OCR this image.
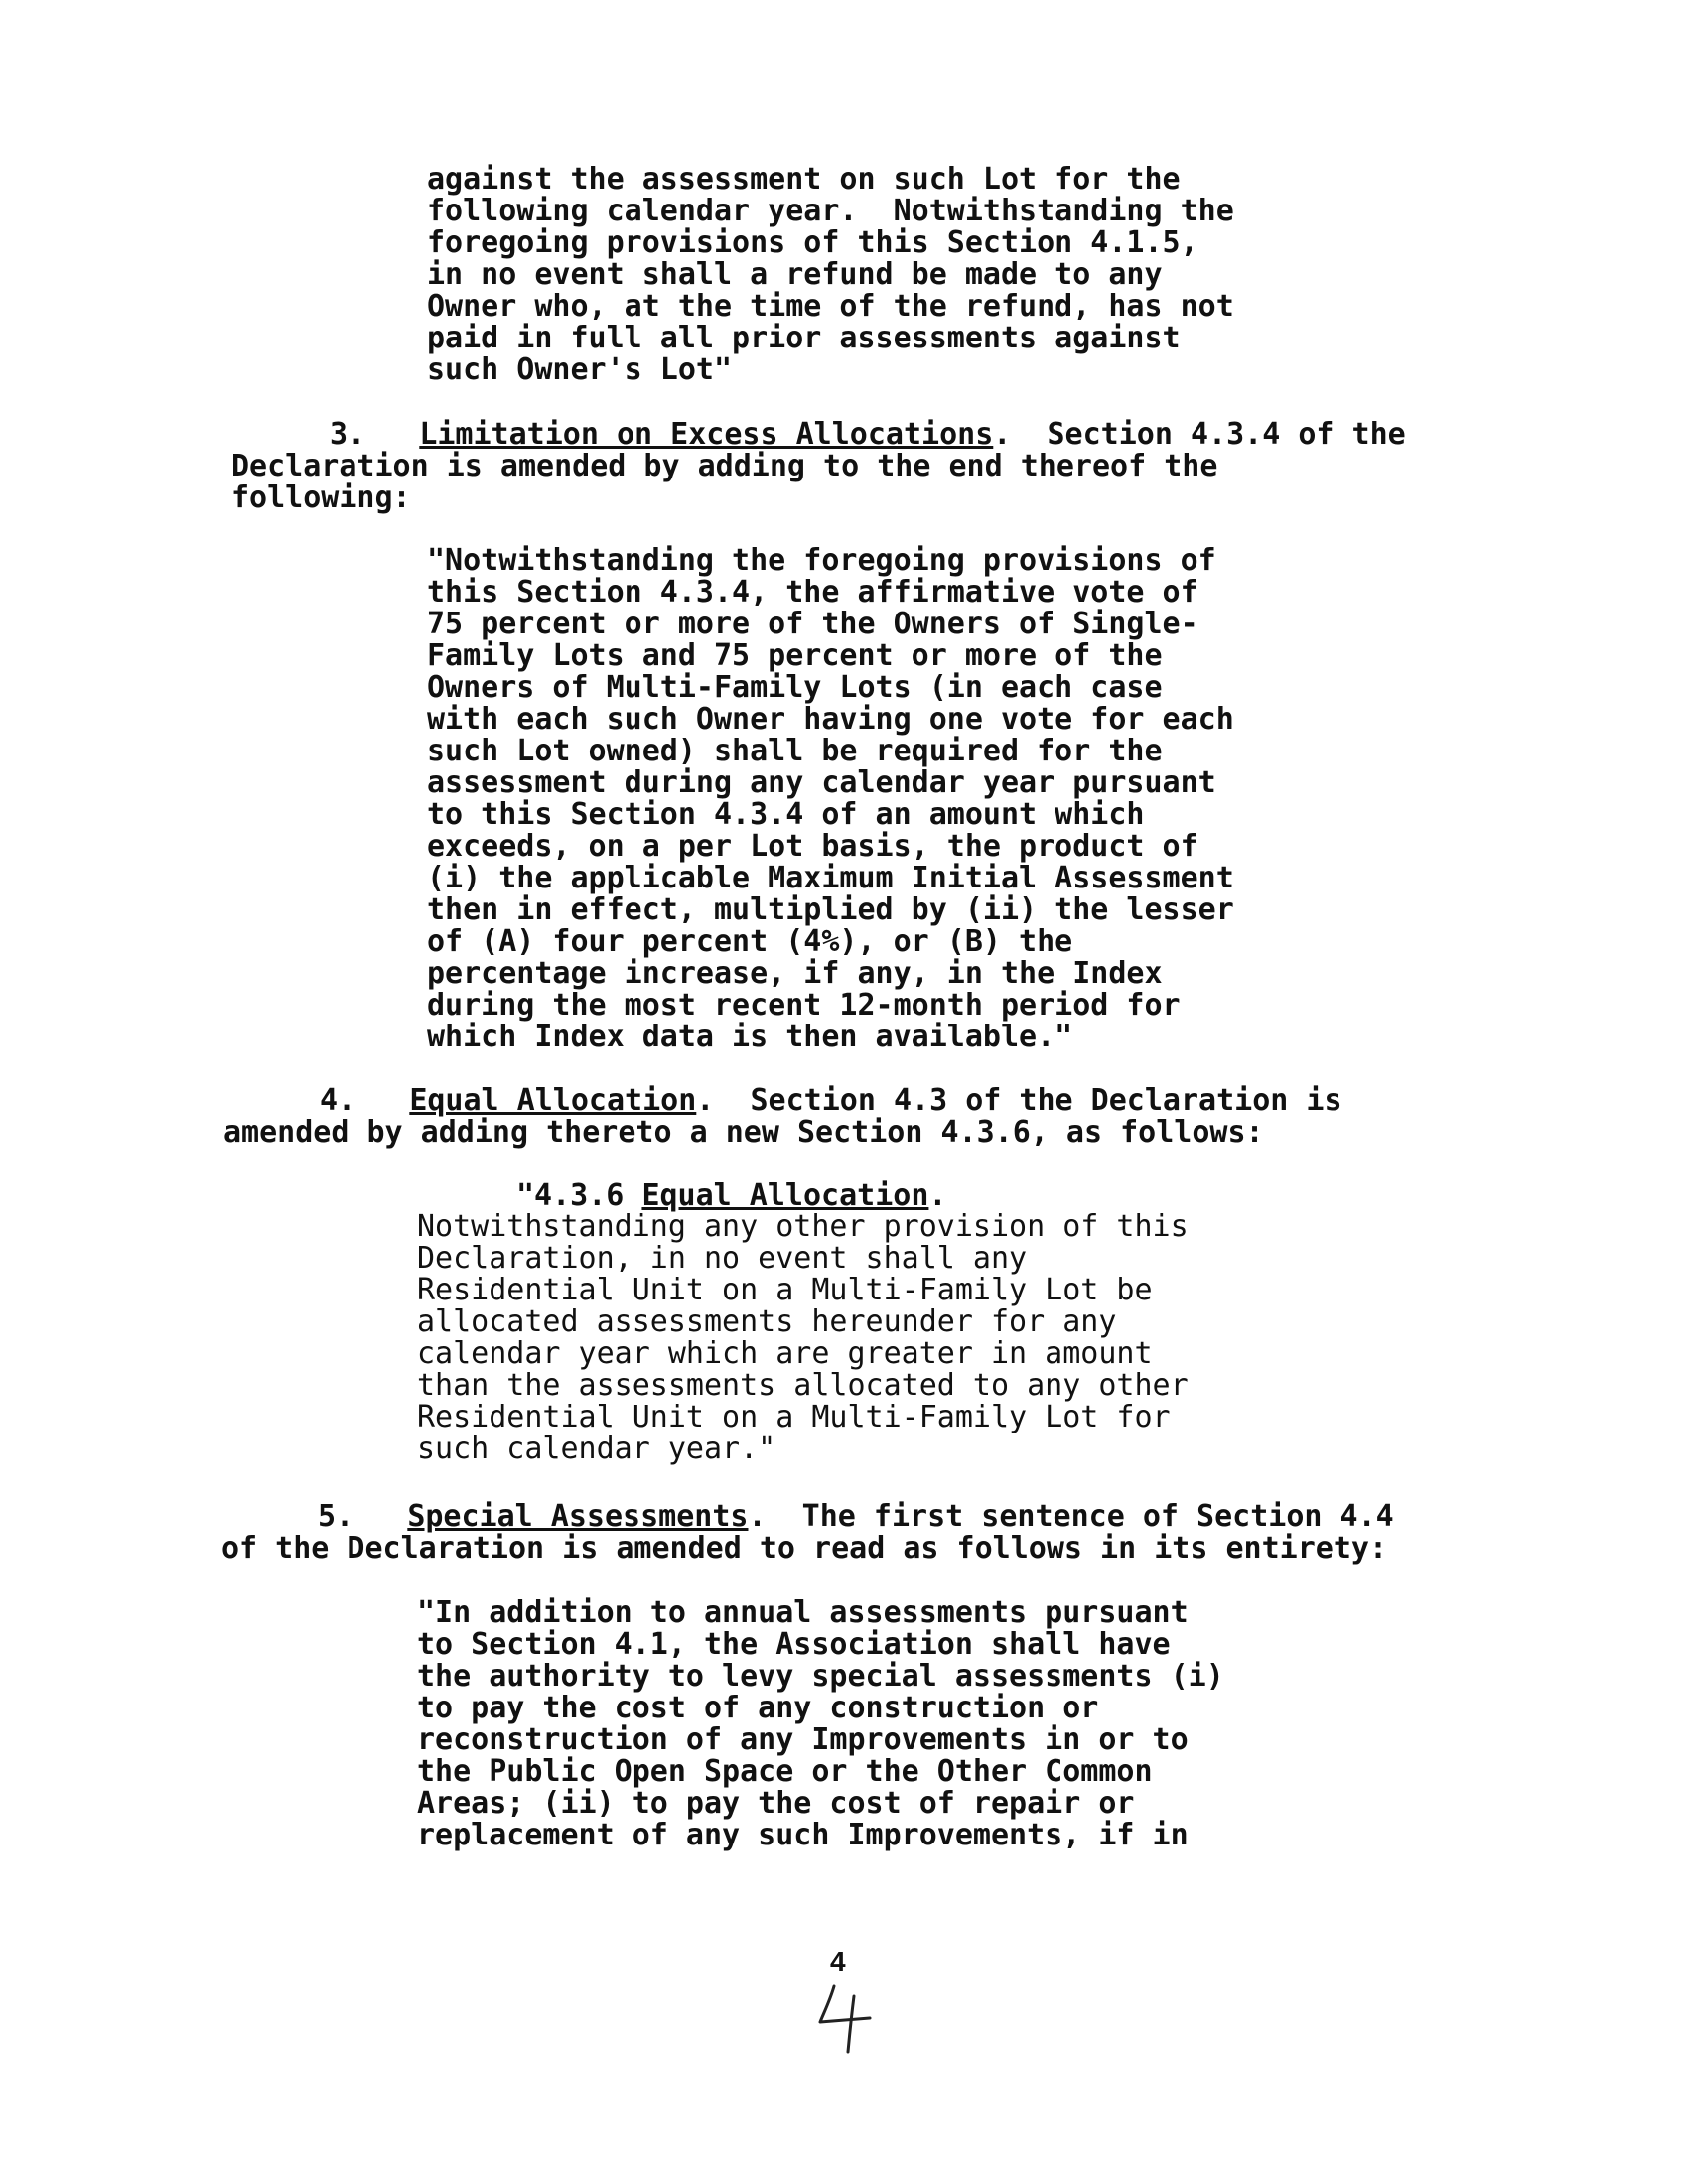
against the assessment on such Lot for the
following calendar year.  Notwithstanding the
foregoing provisions of this Section 4.1.5,
in no event shall a refund be made to any
Owner who, at the time of the refund, has not
paid in full all prior assessments against
such Owner's Lot"
3. Limitation on Excess Allocations.  Section 4.3.4 of the
Declaration is amended by adding to the end thereof the
following:
"Notwithstanding the foregoing provisions of
this Section 4.3.4, the affirmative vote of
75 percent or more of the Owners of Single-
Family Lots and 75 percent or more of the
Owners of Multi-Family Lots (in each case
with each such Owner having one vote for each
such Lot owned) shall be required for the
assessment during any calendar year pursuant
to this Section 4.3.4 of an amount which
exceeds, on a per Lot basis, the product of
(i) the applicable Maximum Initial Assessment
then in effect, multiplied by (ii) the lesser
of (A) four percent (4%), or (B) the
percentage increase, if any, in the Index
during the most recent 12-month period for
which Index data is then available."
4. Equal Allocation.  Section 4.3 of the Declaration is
amended by adding thereto a new Section 4.3.6, as follows:
"4.3.6 Equal Allocation.
Notwithstanding any other provision of this
Declaration, in no event shall any
Residential Unit on a Multi-Family Lot be
allocated assessments hereunder for any
calendar year which are greater in amount
than the assessments allocated to any other
Residential Unit on a Multi-Family Lot for
such calendar year."
5. Special Assessments.  The first sentence of Section 4.4
of the Declaration is amended to read as follows in its entirety:
"In addition to annual assessments pursuant
to Section 4.1, the Association shall have
the authority to levy special assessments (i)
to pay the cost of any construction or
reconstruction of any Improvements in or to
the Public Open Space or the Other Common
Areas; (ii) to pay the cost of repair or
replacement of any such Improvements, if in
4
